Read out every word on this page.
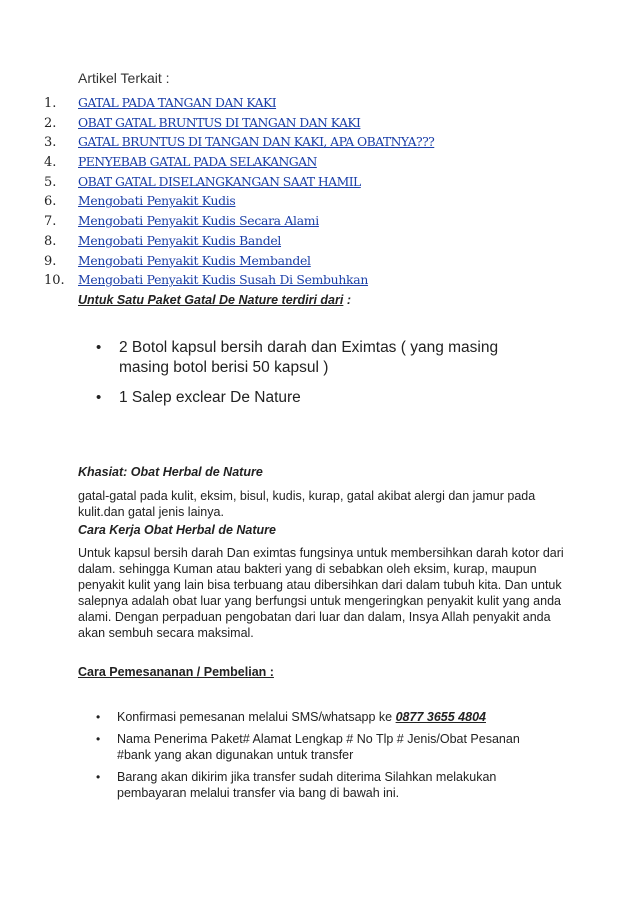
Artikel Terkait :
1. GATAL PADA TANGAN DAN KAKI
2. OBAT GATAL BRUNTUS DI TANGAN DAN KAKI
3. GATAL BRUNTUS DI TANGAN DAN KAKI, APA OBATNYA???
4. PENYEBAB GATAL PADA SELAKANGAN
5. OBAT GATAL DISELANGKANGAN SAAT HAMIL
6. Mengobati Penyakit Kudis
7. Mengobati Penyakit Kudis Secara Alami
8. Mengobati Penyakit Kudis Bandel
9. Mengobati Penyakit Kudis Membandel
10. Mengobati Penyakit Kudis Susah Di Sembuhkan
Untuk Satu Paket Gatal De Nature terdiri dari :
• 2 Botol kapsul bersih darah dan Eximtas ( yang masing masing botol berisi 50 kapsul )
• 1 Salep exclear De Nature
Khasiat: Obat Herbal de Nature

gatal-gatal pada kulit, eksim, bisul, kudis, kurap, gatal akibat alergi dan jamur pada kulit.dan gatal jenis lainya.

Cara Kerja Obat Herbal de Nature

Untuk kapsul bersih darah Dan eximtas fungsinya untuk membersihkan darah kotor dari dalam. sehingga Kuman atau bakteri yang di sebabkan oleh eksim, kurap, maupun penyakit kulit yang lain bisa terbuang atau dibersihkan dari dalam tubuh kita. Dan untuk salepnya adalah obat luar yang berfungsi untuk mengeringkan penyakit kulit yang anda alami. Dengan perpaduan pengobatan dari luar dan dalam, Insya Allah penyakit anda akan sembuh secara maksimal.

Cara Pemesananan / Pembelian :
• Konfirmasi pemesanan melalui SMS/whatsapp ke 0877 3655 4804
• Nama Penerima Paket# Alamat Lengkap # No Tlp # Jenis/Obat Pesanan #bank yang akan digunakan untuk transfer
• Barang akan dikirim jika transfer sudah diterima Silahkan melakukan pembayaran melalui transfer via bang di bawah ini.
